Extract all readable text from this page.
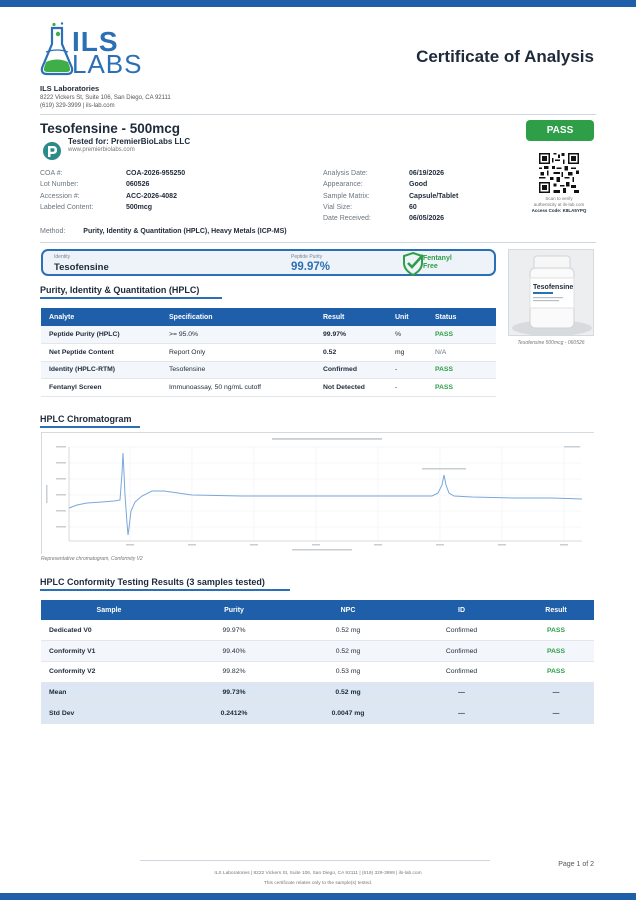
ILS
LABS	Certificate of Analysis
ILS Laboratories
8222 Vickers St, Suite 106, San Diego, CA 92111
(619) 329-3999 | ils-lab.com
Tesofensine - 500mcg
Tested for: PremierBioLabs LLC
www.premierbiolabs.com
PASS
COA #:	COA-2026-955250
Lot Number:	060526
Accession #:	ACC-2026-4082
Labeled Content:	500mcg
Analysis Date:	06/19/2026
Appearance:	Good
Sample Matrix:	Capsule/Tablet
Vial Size:	60
Date Received:	06/05/2026
Scan to verify
authenticity at ils-lab.com
Access Code: K8LA5YPQ
Method:	Purity, Identity & Quantitation (HPLC), Heavy Metals (ICP-MS)
Identity
Tesofensine
Peptide Purity
99.97%
Fentanyl
Free
Tesofensine
Tesofensine 500mcg - 060526
Purity, Identity & Quantitation (HPLC)
Analyte	Specification	Result	Unit	Status
Peptide Purity (HPLC)	>= 95.0%	99.97%	%	PASS
Net Peptide Content	Report Only	0.52	mg	N/A
Identity (HPLC-RTM)	Tesofensine	Confirmed	-	PASS
Fentanyl Screen	Immunoassay, 50 ng/mL cutoff	Not Detected	-	PASS
HPLC Chromatogram
Representative chromatogram, Conformity V2
HPLC Conformity Testing Results (3 samples tested)
Sample	Purity	NPC	ID	Result
Dedicated V0	99.97%	0.52 mg	Confirmed	PASS
Conformity V1	99.40%	0.52 mg	Confirmed	PASS
Conformity V2	99.82%	0.53 mg	Confirmed	PASS
Mean	99.73%	0.52 mg	—	—
Std Dev	0.2412%	0.0047 mg	—	—
Page 1 of 2
ILS Laboratories | 8222 Vickers St, Suite 106, San Diego, CA 92111 | (619) 329-3999 | ils-lab.com
This certificate relates only to the sample(s) tested.
